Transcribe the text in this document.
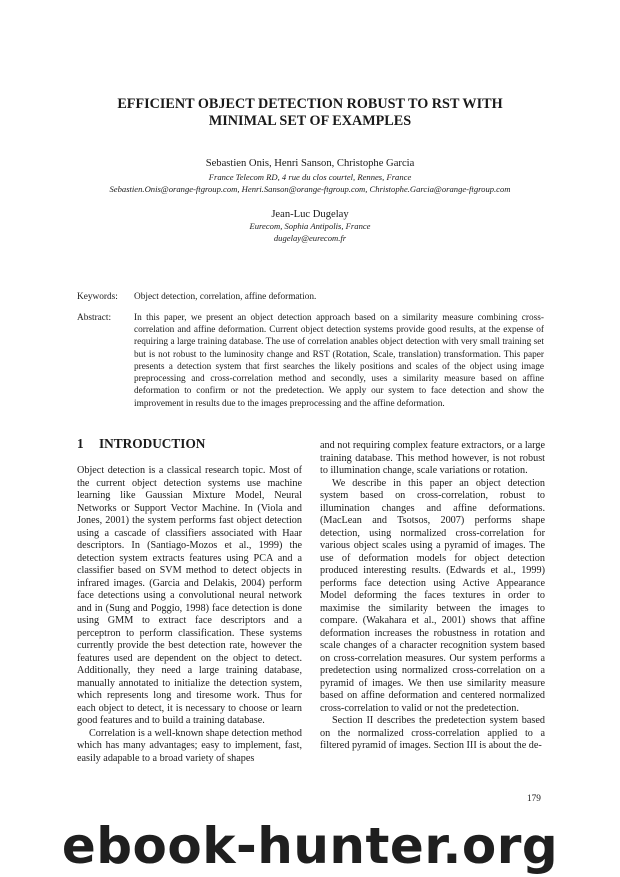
EFFICIENT OBJECT DETECTION ROBUST TO RST WITH
MINIMAL SET OF EXAMPLES
Sebastien Onis, Henri Sanson, Christophe Garcia
France Telecom RD, 4 rue du clos courtel, Rennes, France
Sebastien.Onis@orange-ftgroup.com, Henri.Sanson@orange-ftgroup.com, Christophe.Garcia@orange-ftgroup.com
Jean-Luc Dugelay
Eurecom, Sophia Antipolis, France
dugelay@eurecom.fr
Keywords: Object detection, correlation, affine deformation.
Abstract: In this paper, we present an object detection approach based on a similarity measure combining cross-correlation and affine deformation. Current object detection systems provide good results, at the expense of requiring a large training database. The use of correlation anables object detection with very small training set but is not robust to the luminosity change and RST (Rotation, Scale, translation) transformation. This paper presents a detection system that first searches the likely positions and scales of the object using image preprocessing and cross-correlation method and secondly, uses a similarity measure based on affine deformation to confirm or not the predetection. We apply our system to face detection and show the improvement in results due to the images preprocessing and the affine deformation.
1 INTRODUCTION

Object detection is a classical research topic. Most of the current object detection systems use machine learning like Gaussian Mixture Model, Neural Networks or Support Vector Machine. In (Viola and Jones, 2001) the system performs fast object detection using a cascade of classifiers associated with Haar descriptors. In (Santiago-Mozos et al., 1999) the detection system extracts features using PCA and a classifier based on SVM method to detect objects in infrared images. (Garcia and Delakis, 2004) perform face detections using a convolutional neural network and in (Sung and Poggio, 1998) face detection is done using GMM to extract face descriptors and a perceptron to perform classification. These systems currently provide the best detection rate, however the features used are dependent on the object to detect. Additionally, they need a large training database, manually annotated to initialize the detection system, which represents long and tiresome work. Thus for each object to detect, it is necessary to choose or learn good features and to build a training database.

Correlation is a well-known shape detection method which has many advantages; easy to implement, fast, easily adapable to a broad variety of shapes

and not requiring complex feature extractors, or a large training database. This method however, is not robust to illumination change, scale variations or rotation.

We describe in this paper an object detection system based on cross-correlation, robust to illumination changes and affine deformations. (MacLean and Tsotsos, 2007) performs shape detection, using normalized cross-correlation for various object scales using a pyramid of images. The use of deformation models for object detection produced interesting results. (Edwards et al., 1999) performs face detection using Active Appearance Model deforming the faces textures in order to maximise the similarity between the images to compare. (Wakahara et al., 2001) shows that affine deformation increases the robustness in rotation and scale changes of a character recognition system based on cross-correlation measures. Our system performs a predetection using normalized cross-correlation on a pyramid of images. We then use similarity measure based on affine deformation and centered normalized cross-correlation to valid or not the predetection.

Section II describes the predetection system based on the normalized cross-correlation applied to a filtered pyramid of images. Section III is about the de-

179
ebook-hunter.org
